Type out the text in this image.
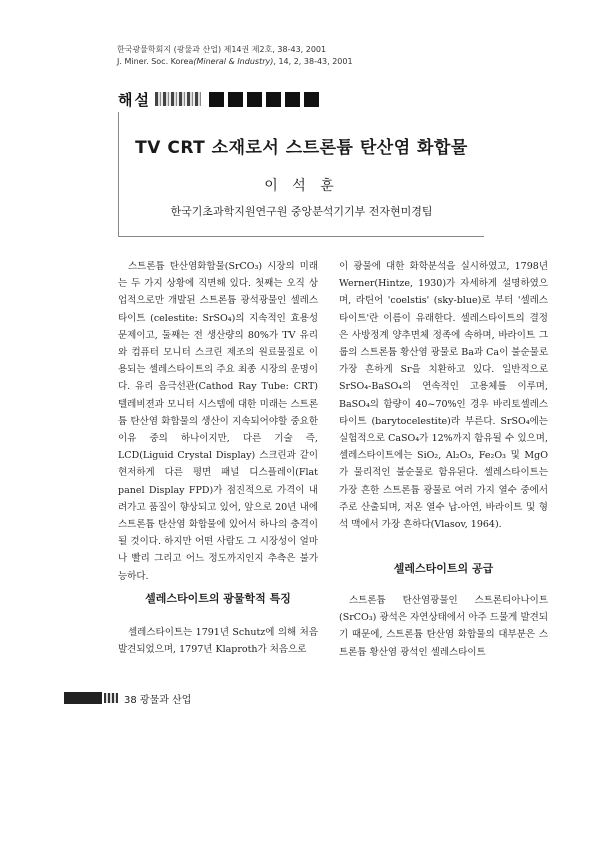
한국광물학회지 (광물과 산업) 제14권 제2호, 38-43, 2001
J. Miner. Soc. Korea(Mineral & Industry), 14, 2, 38-43, 2001
해설
TV CRT 소재로서 스트론튬 탄산염 화합물
이 석 훈
한국기초과학지원연구원 중앙분석기기부 전자현미경팀

스트론튬 탄산염화합물(SrCO₃) 시장의 미래는 두 가지 상황에 직면해 있다. 첫째는 오직 상업적으로만 개발된 스트론튬 광석광물인 셀레스타이트 (celestite: SrSO₄)의 지속적인 효용성 문제이고, 둘째는 전 생산량의 80%가 TV 유리와 컴퓨터 모니터 스크린 제조의 원료물질로 이용되는 셀레스타이트의 주요 최종 시장의 운명이다. 유리 음극선관(Cathod Ray Tube: CRT) 텔레비젼과 모니터 시스템에 대한 미래는 스트론튬 탄산염 화합물의 생산이 지속되어야할 중요한 이유 중의 하나이지만, 다른 기술 즉, LCD(Liguid Crystal Display) 스크린과 같이 현저하게 다른 평면 패널 디스플레이(Flat panel Display FPD)가 점진적으로 가격이 내려가고 품질이 향상되고 있어, 앞으로 20년 내에 스트론튬 탄산염 화합물에 있어서 하나의 충격이 될 것이다. 하지만 어떤 사람도 그 시장성이 얼마나 빨리 그리고 어느 정도까지인지 추측은 불가능하다.

셀레스타이트의 광물학적 특징

셀레스타이트는 1791년 Schutz에 의해 처음 발견되었으며, 1797년 Klaproth가 처음으로

이 광물에 대한 화학분석을 실시하였고, 1798년 Werner(Hintze, 1930)가 자세하게 설명하였으며, 라틴어 'coelstis' (sky-blue)로 부터 '셀레스타이트'란 이름이 유래한다. 셀레스타이트의 결정은 사방정계 양추면체 정족에 속하며, 바라이트 그룹의 스트론튬 황산염 광물로 Ba과 Ca이 불순물로 가장 흔하게 Sr을 치환하고 있다. 일반적으로 SrSO₄-BaSO₄의 연속적인 고용체를 이루며, BaSO₄의 함량이 40~70%인 경우 바리토셀레스타이트 (barytocelestite)라 부른다. SrSO₄에는 실험적으로 CaSO₄가 12%까지 함유될 수 있으며, 셀레스타이트에는 SiO₂, Al₂O₃, Fe₂O₃ 및 MgO가 물리적인 불순물로 함유된다. 셀레스타이트는 가장 흔한 스트론튬 광물로 여러 가지 열수 중에서 주로 산출되며, 저온 열수 납-아연, 바라이트 및 형석 맥에서 가장 흔하다(Vlasov, 1964).

셀레스타이트의 공급

스트론튬 탄산염광물인 스트론티아나이트(SrCO₃) 광석은 자연상태에서 아주 드물게 발견되기 때문에, 스트론튬 탄산염 화합물의 대부분은 스트론튬 황산염 광석인 셀레스타이트

38 광물과 산업
